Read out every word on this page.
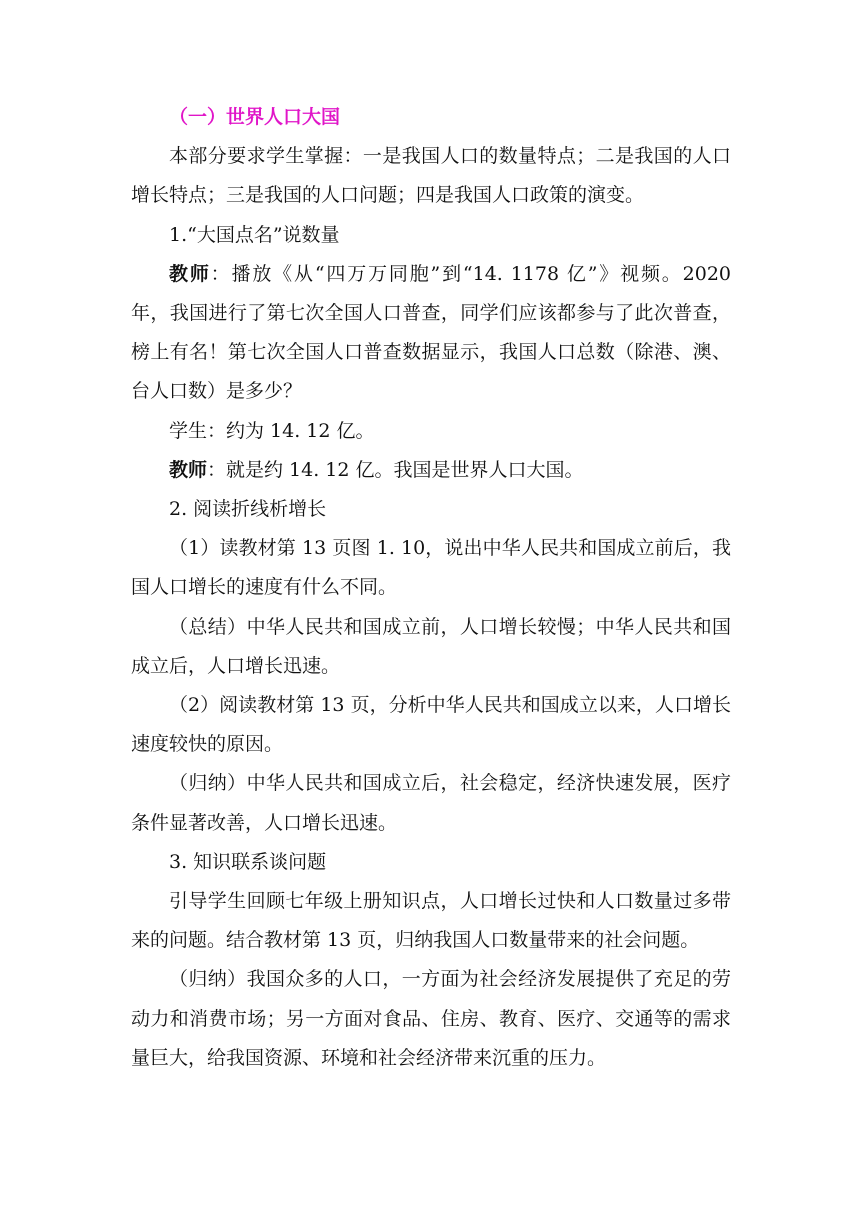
（一）世界人口大国

本部分要求学生掌握：一是我国人口的数量特点；二是我国的人口增长特点；三是我国的人口问题；四是我国人口政策的演变。

1.“大国点名”说数量

教师：播放《从“四万万同胞”到“14. 1178 亿”》视频。2020 年，我国进行了第七次全国人口普查，同学们应该都参与了此次普查，榜上有名！第七次全国人口普查数据显示，我国人口总数（除港、澳、台人口数）是多少？

学生：约为 14. 12 亿。

教师：就是约 14. 12 亿。我国是世界人口大国。

2. 阅读折线析增长

（1）读教材第 13 页图 1. 10，说出中华人民共和国成立前后，我国人口增长的速度有什么不同。

（总结）中华人民共和国成立前，人口增长较慢；中华人民共和国成立后，人口增长迅速。

（2）阅读教材第 13 页，分析中华人民共和国成立以来，人口增长速度较快的原因。

（归纳）中华人民共和国成立后，社会稳定，经济快速发展，医疗条件显著改善，人口增长迅速。

3. 知识联系谈问题

引导学生回顾七年级上册知识点，人口增长过快和人口数量过多带来的问题。结合教材第 13 页，归纳我国人口数量带来的社会问题。

（归纳）我国众多的人口，一方面为社会经济发展提供了充足的劳动力和消费市场；另一方面对食品、住房、教育、医疗、交通等的需求量巨大，给我国资源、环境和社会经济带来沉重的压力。
